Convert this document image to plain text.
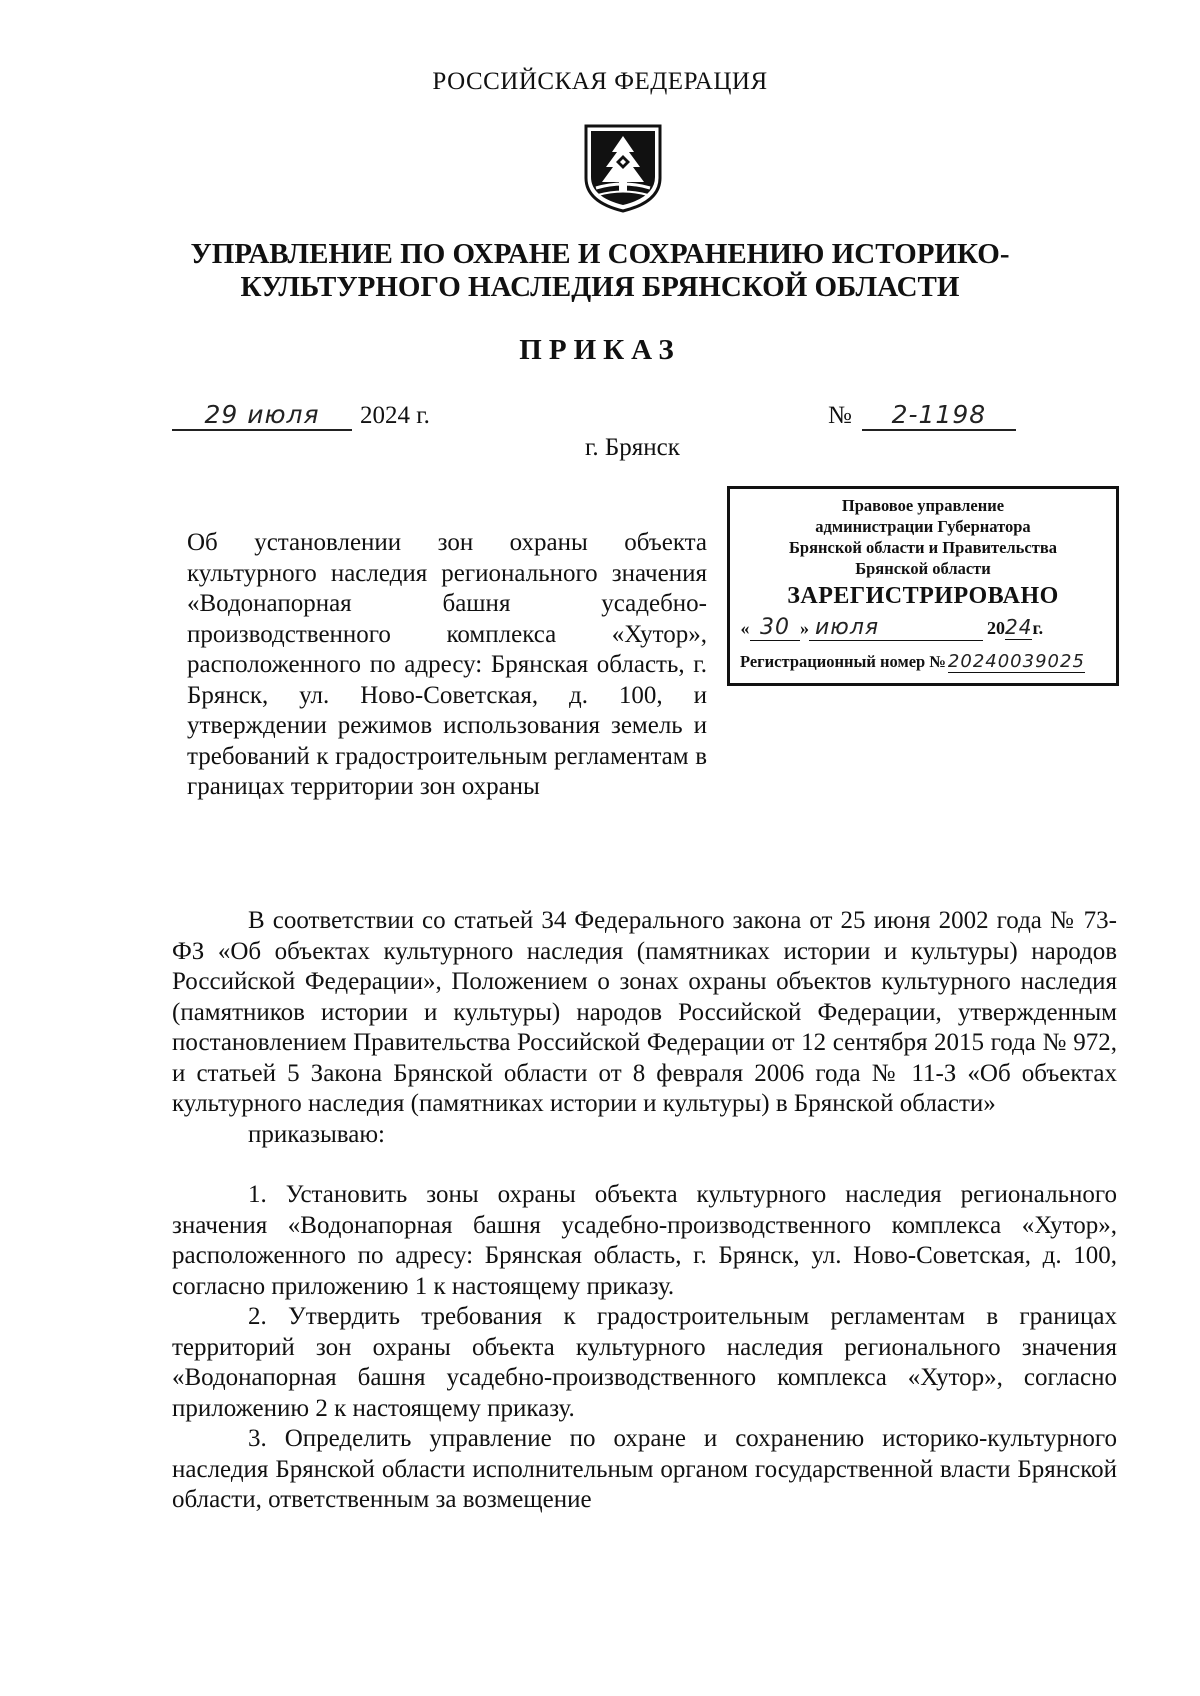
РОССИЙСКАЯ ФЕДЕРАЦИЯ
УПРАВЛЕНИЕ ПО ОХРАНЕ И СОХРАНЕНИЮ ИСТОРИКО-
КУЛЬТУРНОГО НАСЛЕДИЯ БРЯНСКОЙ ОБЛАСТИ
ПРИКАЗ
29 июля	2024 г.	№	2-1198
г. Брянск
Правовое управление
администрации Губернатора
Брянской области и Правительства
Брянской области
ЗАРЕГИСТРИРОВАНО
« 30 » июля	20 24 г.
Регистрационный номер № 20240039025

Об установлении зон охраны объекта культурного наследия регионального значения «Водонапорная башня усадебно-производственного комплекса «Хутор», расположенного по адресу: Брянская область, г. Брянск, ул. Ново-Советская, д. 100, и утверждении режимов использования земель и требований к градостроительным регламентам в границах территории зон охраны

В соответствии со статьей 34 Федерального закона от 25 июня 2002 года № 73-ФЗ «Об объектах культурного наследия (памятниках истории и культуры) народов Российской Федерации», Положением о зонах охраны объектов культурного наследия (памятников истории и культуры) народов Российской Федерации, утвержденным постановлением Правительства Российской Федерации от 12 сентября 2015 года № 972, и статьей 5 Закона Брянской области от 8 февраля 2006 года № 11-З «Об объектах культурного наследия (памятниках истории и культуры) в Брянской области»

приказываю:

1. Установить зоны охраны объекта культурного наследия регионального значения «Водонапорная башня усадебно-производственного комплекса «Хутор», расположенного по адресу: Брянская область, г. Брянск, ул. Ново-Советская, д. 100, согласно приложению 1 к настоящему приказу.

2. Утвердить требования к градостроительным регламентам в границах территорий зон охраны объекта культурного наследия регионального значения «Водонапорная башня усадебно-производственного комплекса «Хутор», согласно приложению 2 к настоящему приказу.

3. Определить управление по охране и сохранению историко-культурного наследия Брянской области исполнительным органом государственной власти Брянской области, ответственным за возмещение
